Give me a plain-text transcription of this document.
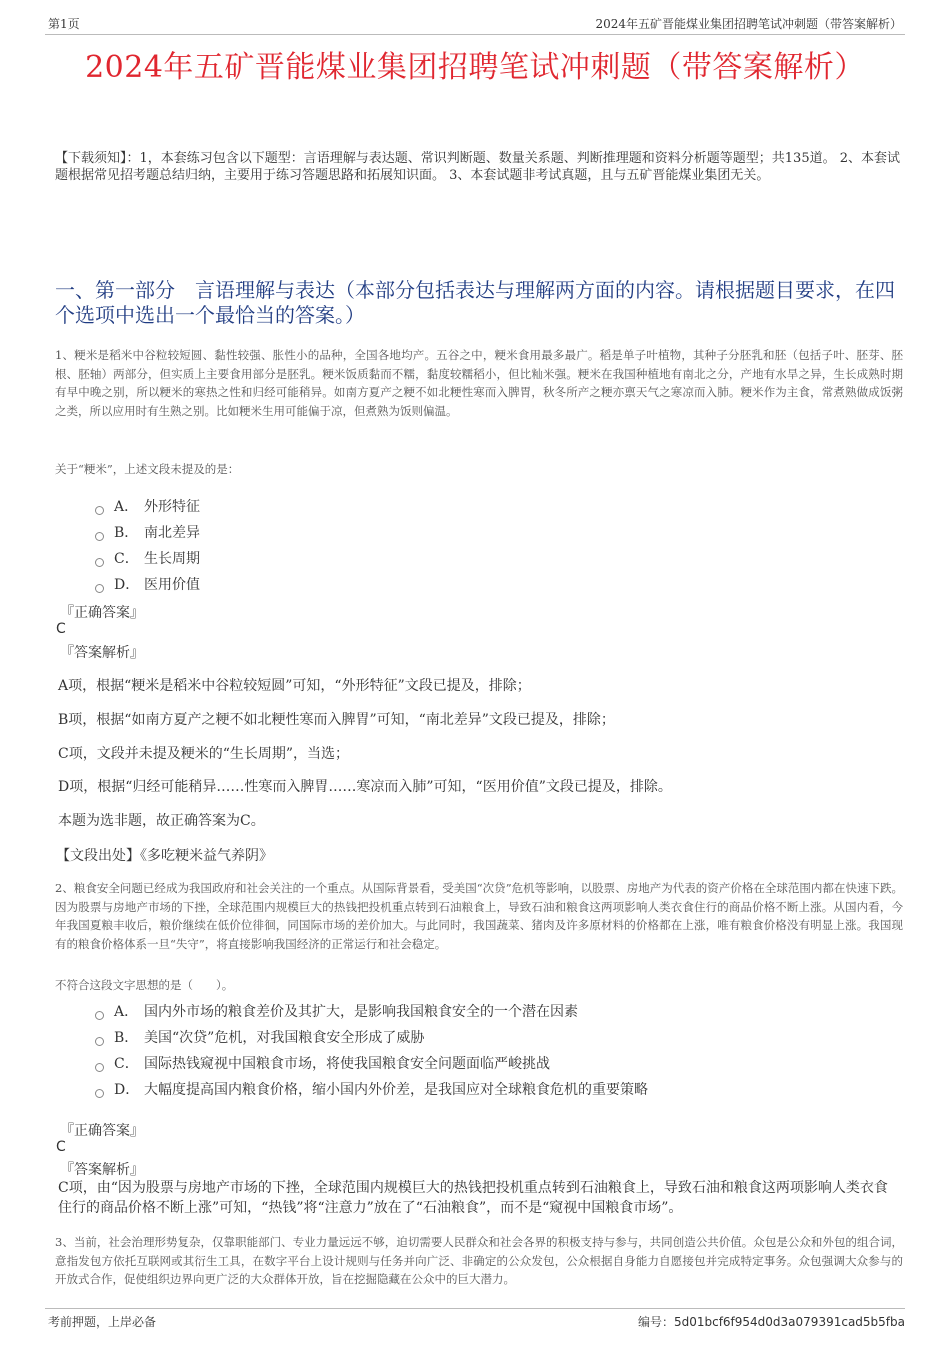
第1页	2024年五矿晋能煤业集团招聘笔试冲刺题（带答案解析）
2024年五矿晋能煤业集团招聘笔试冲刺题（带答案解析）
【下载须知】：1，本套练习包含以下题型：言语理解与表达题、常识判断题、数量关系题、判断推理题和资料分析题等题型；共135道。 2、本套试题根据常见招考题总结归纳，主要用于练习答题思路和拓展知识面。 3、本套试题非考试真题，且与五矿晋能煤业集团无关。
一、第一部分　言语理解与表达（本部分包括表达与理解两方面的内容。请根据题目要求，在四个选项中选出一个最恰当的答案。）
1、粳米是稻米中谷粒较短圆、黏性较强、胀性小的品种，全国各地均产。五谷之中，粳米食用最多最广。稻是单子叶植物，其种子分胚乳和胚（包括子叶、胚芽、胚根、胚轴）两部分，但实质上主要食用部分是胚乳。粳米饭质黏而不糯，黏度较糯稻小，但比籼米强。粳米在我国种植地有南北之分，产地有水旱之异，生长成熟时期有早中晚之别，所以粳米的寒热之性和归经可能稍异。如南方夏产之粳不如北粳性寒而入脾胃，秋冬所产之粳亦禀天气之寒凉而入肺。粳米作为主食，常煮熟做成饭粥之类，所以应用时有生熟之别。比如粳米生用可能偏于凉，但煮熟为饭则偏温。
关于“粳米”，上述文段未提及的是：
A． 外形特征
B． 南北差异
C． 生长周期
D． 医用价值
『正确答案』
C
『答案解析』
A项，根据“粳米是稻米中谷粒较短圆”可知，“外形特征”文段已提及，排除；
B项，根据“如南方夏产之粳不如北粳性寒而入脾胃”可知，“南北差异”文段已提及，排除；
C项，文段并未提及粳米的“生长周期”，当选；
D项，根据“归经可能稍异……性寒而入脾胃……寒凉而入肺”可知，“医用价值”文段已提及，排除。
本题为选非题，故正确答案为C。
【文段出处】《多吃粳米益气养阴》
2、粮食安全问题已经成为我国政府和社会关注的一个重点。从国际背景看，受美国“次贷”危机等影响，以股票、房地产为代表的资产价格在全球范围内都在快速下跌。因为股票与房地产市场的下挫，全球范围内规模巨大的热钱把投机重点转到石油粮食上，导致石油和粮食这两项影响人类衣食住行的商品价格不断上涨。从国内看，今年我国夏粮丰收后，粮价继续在低价位徘徊，同国际市场的差价加大。与此同时，我国蔬菜、猪肉及许多原材料的价格都在上涨，唯有粮食价格没有明显上涨。我国现有的粮食价格体系一旦“失守”，将直接影响我国经济的正常运行和社会稳定。
不符合这段文字思想的是（　　）。
A． 国内外市场的粮食差价及其扩大，是影响我国粮食安全的一个潜在因素
B． 美国“次贷”危机，对我国粮食安全形成了威胁
C． 国际热钱窥视中国粮食市场，将使我国粮食安全问题面临严峻挑战
D． 大幅度提高国内粮食价格，缩小国内外价差，是我国应对全球粮食危机的重要策略
『正确答案』
C
『答案解析』
C项，由“因为股票与房地产市场的下挫，全球范围内规模巨大的热钱把投机重点转到石油粮食上，导致石油和粮食这两项影响人类衣食住行的商品价格不断上涨”可知，“热钱”将“注意力”放在了“石油粮食”，而不是“窥视中国粮食市场”。
3、当前，社会治理形势复杂，仅靠职能部门、专业力量远远不够，迫切需要人民群众和社会各界的积极支持与参与，共同创造公共价值。众包是公众和外包的组合词，意指发包方依托互联网或其衍生工具，在数字平台上设计规则与任务并向广泛、非确定的公众发包，公众根据自身能力自愿接包并完成特定事务。众包强调大众参与的开放式合作，促使组织边界向更广泛的大众群体开放，旨在挖掘隐藏在公众中的巨大潜力。
考前押题，上岸必备	编号：5d01bcf6f954d0d3a079391cad5b5fba
